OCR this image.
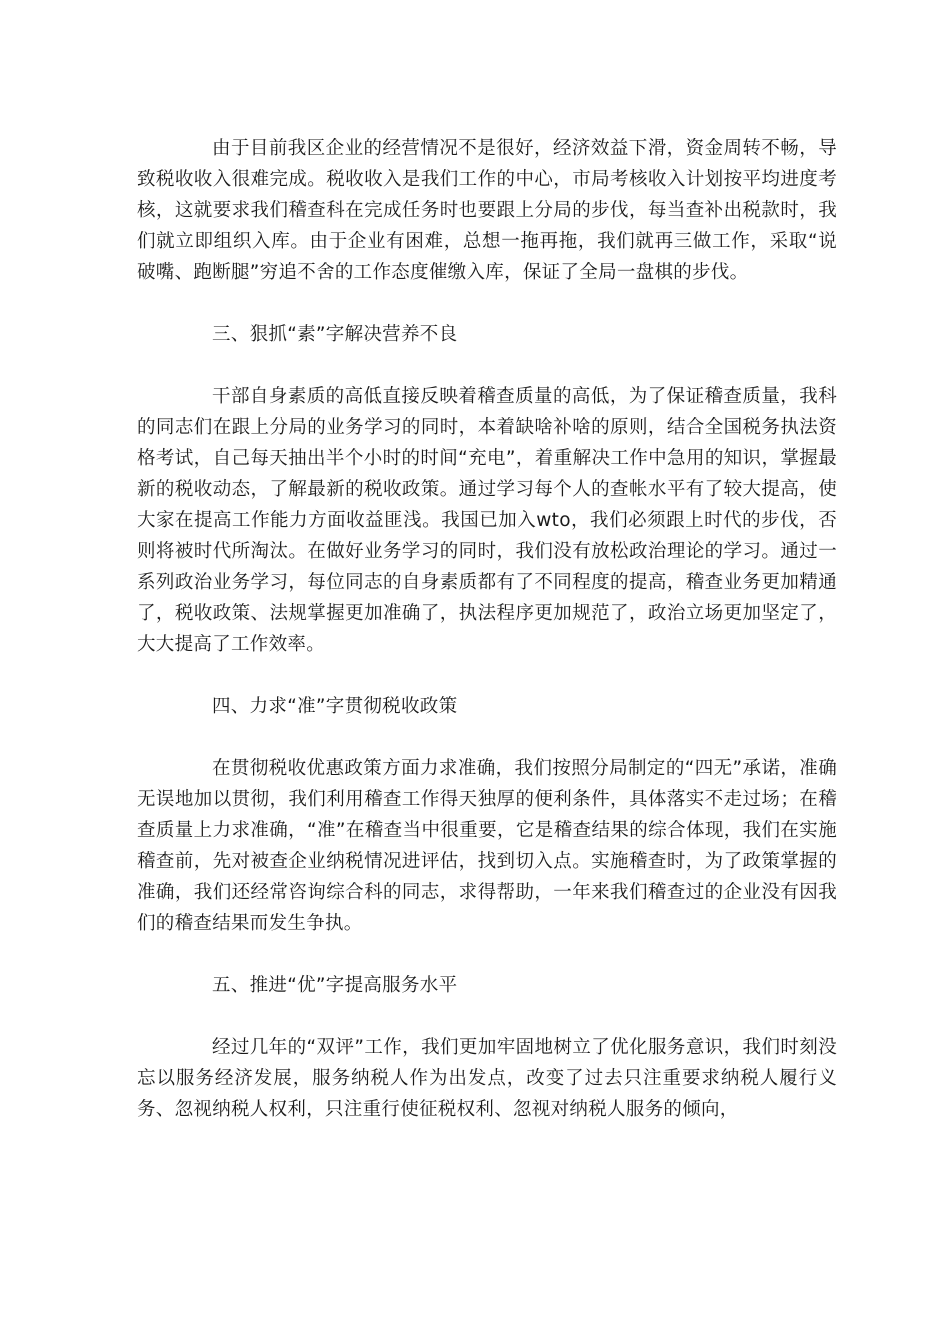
由于目前我区企业的经营情况不是很好，经济效益下滑，资金周转不畅，导致税收收入很难完成。税收收入是我们工作的中心，市局考核收入计划按平均进度考核，这就要求我们稽查科在完成任务时也要跟上分局的步伐，每当查补出税款时，我们就立即组织入库。由于企业有困难，总想一拖再拖，我们就再三做工作，采取“说破嘴、跑断腿”穷追不舍的工作态度催缴入库，保证了全局一盘棋的步伐。

三、狠抓“素”字解决营养不良

干部自身素质的高低直接反映着稽查质量的高低，为了保证稽查质量，我科的同志们在跟上分局的业务学习的同时，本着缺啥补啥的原则，结合全国税务执法资格考试，自己每天抽出半个小时的时间“充电”，着重解决工作中急用的知识，掌握最新的税收动态，了解最新的税收政策。通过学习每个人的查帐水平有了较大提高，使大家在提高工作能力方面收益匪浅。我国已加入wto，我们必须跟上时代的步伐，否则将被时代所淘汰。在做好业务学习的同时，我们没有放松政治理论的学习。通过一系列政治业务学习，每位同志的自身素质都有了不同程度的提高，稽查业务更加精通了，税收政策、法规掌握更加准确了，执法程序更加规范了，政治立场更加坚定了，大大提高了工作效率。

四、力求“准”字贯彻税收政策

在贯彻税收优惠政策方面力求准确，我们按照分局制定的“四无”承诺，准确无误地加以贯彻，我们利用稽查工作得天独厚的便利条件，具体落实不走过场；在稽查质量上力求准确，“准”在稽查当中很重要，它是稽查结果的综合体现，我们在实施稽查前，先对被查企业纳税情况进评估，找到切入点。实施稽查时，为了政策掌握的准确，我们还经常咨询综合科的同志，求得帮助，一年来我们稽查过的企业没有因我们的稽查结果而发生争执。

五、推进“优”字提高服务水平

经过几年的“双评”工作，我们更加牢固地树立了优化服务意识，我们时刻没忘以服务经济发展，服务纳税人作为出发点，改变了过去只注重要求纳税人履行义务、忽视纳税人权利，只注重行使征税权利、忽视对纳税人服务的倾向，
